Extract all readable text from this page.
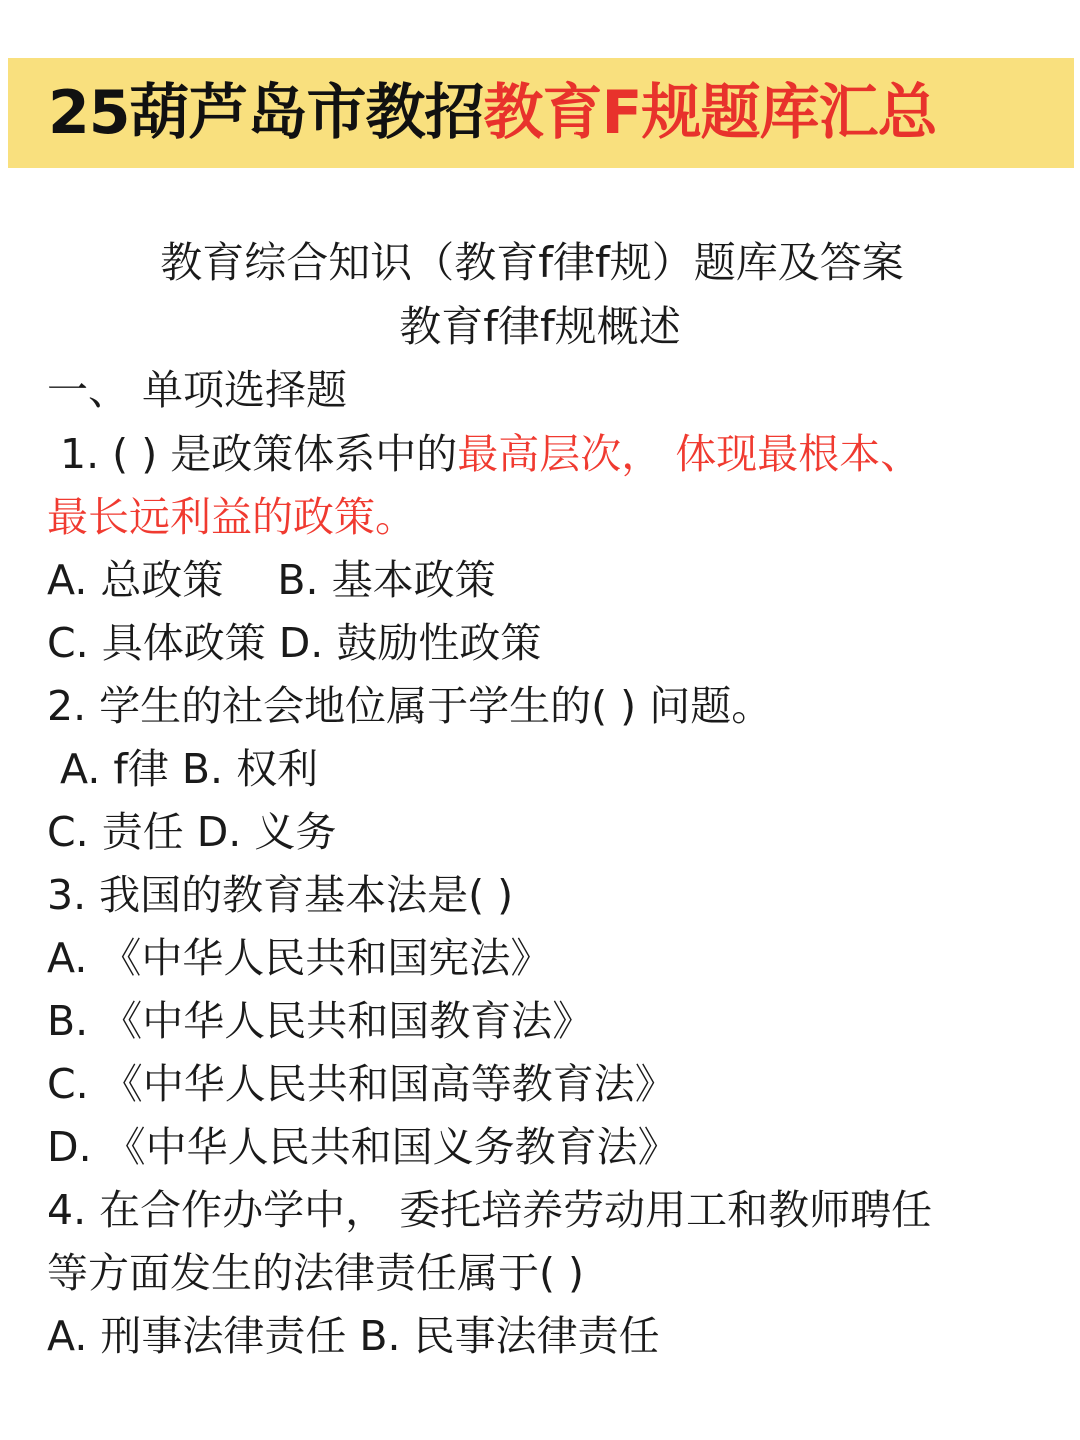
25葫芦岛市教招教育F规题库汇总
教育综合知识（教育f律f规）题库及答案
教育f律f规概述
一、 单项选择题
1. ( ) 是政策体系中的最高层次， 体现最根本、
最长远利益的政策。
A. 总政策　 B. 基本政策
C. 具体政策 D. 鼓励性政策
2. 学生的社会地位属于学生的( ) 问题。
A. f律 B. 权利
C. 责任 D. 义务
3. 我国的教育基本法是( )
A. 《中华人民共和国宪法》
B. 《中华人民共和国教育法》
C. 《中华人民共和国高等教育法》
D. 《中华人民共和国义务教育法》
4. 在合作办学中， 委托培养劳动用工和教师聘任
等方面发生的法律责任属于( )
A. 刑事法律责任 B. 民事法律责任
